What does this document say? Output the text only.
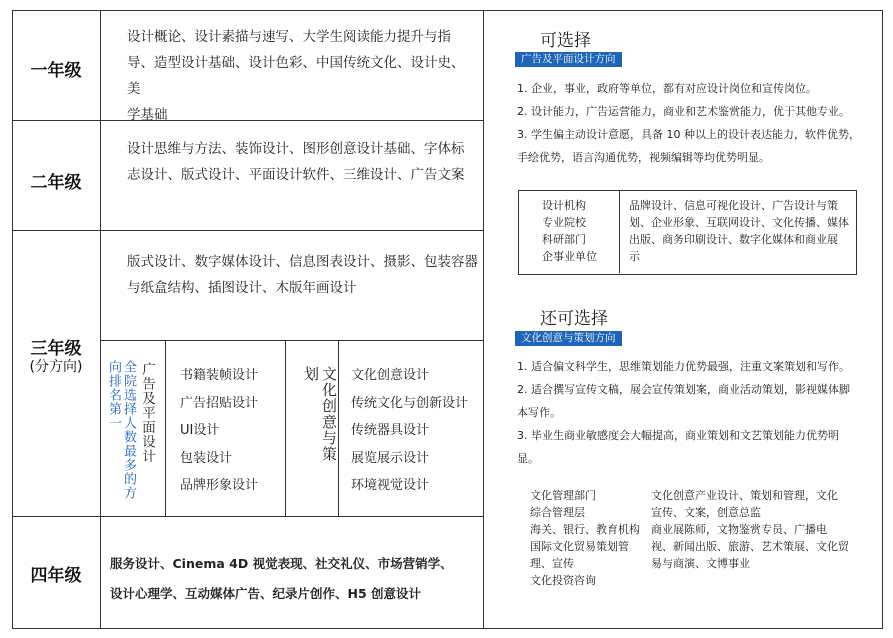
一年级
设计概论、设计素描与速写、大学生阅读能力提升与指
导、造型设计基础、设计色彩、中国传统文化、设计史、美
学基础
二年级
设计思维与方法、装饰设计、图形创意设计基础、字体标
志设计、版式设计、平面设计软件、三维设计、广告文案
三年级
(分方向)
版式设计、数字媒体设计、信息图表设计、摄影、包装容器
与纸盒结构、插图设计、木版年画设计
全院选择人数最多的方向排名第一	广告及平面设计 书籍装帧设计
广告招贴设计
UI设计
包装设计
品牌形象设计
文化创意与策划	文化创意设计
传统文化与创新设计
传统器具设计
展览展示设计
环境视觉设计
四年级
服务设计、Cinema 4D 视觉表现、社交礼仪、市场营销学、
设计心理学、互动媒体广告、纪录片创作、H5 创意设计
可选择
广告及平面设计方向
1. 企业，事业，政府等单位，都有对应设计岗位和宣传岗位。
2. 设计能力，广告运营能力，商业和艺术鉴赏能力，优于其他专业。
3. 学生偏主动设计意愿，具备 10 种以上的设计表达能力，软件优势，
手绘优势，语言沟通优势，视频编辑等均优势明显。
设计机构
专业院校
科研部门
企事业单位
品牌设计、信息可视化设计、广告设计与策
划、企业形象、互联网设计、文化传播、媒体
出版、商务印刷设计、数字化媒体和商业展
示
还可选择
文化创意与策划方向
1. 适合偏文科学生，思维策划能力优势最强，注重文案策划和写作。
2. 适合撰写宣传文稿，展会宣传策划案，商业活动策划，影视媒体脚
本写作。
3. 毕业生商业敏感度会大幅提高，商业策划和文艺策划能力优势明
显。
文化管理部门
综合管理层
海关、银行、教育机构
国际文化贸易策划管
理、宣传
文化投资咨询
文化创意产业设计、策划和管理，文化
宣传、文案，创意总监
商业展陈师，文物鉴赏专员、广播电
视、新闻出版、旅游、艺术策展、文化贸
易与商演、文博事业
